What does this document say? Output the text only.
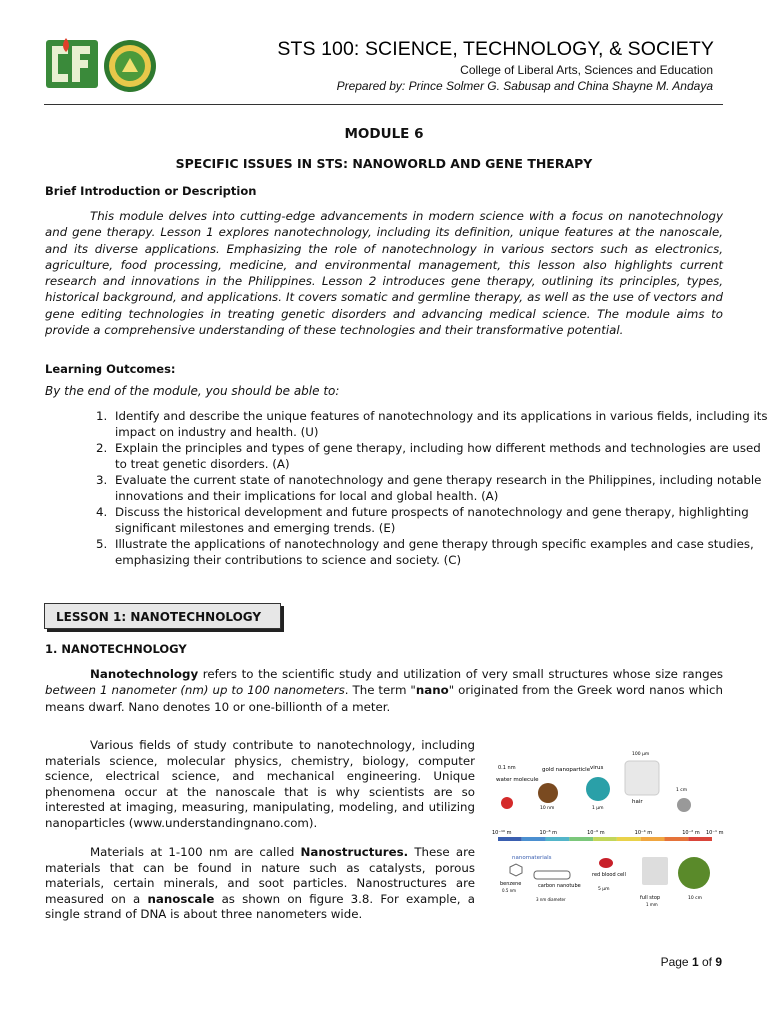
STS 100: SCIENCE, TECHNOLOGY, & SOCIETY
College of Liberal Arts, Sciences and Education
Prepared by: Prince Solmer G. Sabusap and China Shayne M. Andaya
MODULE 6
SPECIFIC ISSUES IN STS: NANOWORLD AND GENE THERAPY
Brief Introduction or Description

This module delves into cutting-edge advancements in modern science with a focus on nanotechnology and gene therapy. Lesson 1 explores nanotechnology, including its definition, unique features at the nanoscale, and its diverse applications. Emphasizing the role of nanotechnology in various sectors such as electronics, agriculture, food processing, medicine, and environmental management, this lesson also highlights current research and innovations in the Philippines. Lesson 2 introduces gene therapy, outlining its principles, types, historical background, and applications. It covers somatic and germline therapy, as well as the use of vectors and gene editing technologies in treating genetic disorders and advancing medical science. The module aims to provide a comprehensive understanding of these technologies and their transformative potential.

Learning Outcomes:

By the end of the module, you should be able to:

1. Identify and describe the unique features of nanotechnology and its applications in various fields, including its impact on industry and health. (U)
2. Explain the principles and types of gene therapy, including how different methods and technologies are used to treat genetic disorders. (A)
3. Evaluate the current state of nanotechnology and gene therapy research in the Philippines, including notable innovations and their implications for local and global health. (A)
4. Discuss the historical development and future prospects of nanotechnology and gene therapy, highlighting significant milestones and emerging trends. (E)
5. Illustrate the applications of nanotechnology and gene therapy through specific examples and case studies, emphasizing their contributions to science and society. (C)
LESSON 1: NANOTECHNOLOGY
1. NANOTECHNOLOGY

Nanotechnology refers to the scientific study and utilization of very small structures whose size ranges between 1 nanometer (nm) up to 100 nanometers. The term "nano" originated from the Greek word nanos which means dwarf. Nano denotes 10 or one-billionth of a meter.

Various fields of study contribute to nanotechnology, including materials science, molecular physics, chemistry, biology, computer science, electrical science, and mechanical engineering. Unique phenomena occur at the nanoscale that is why scientists are so interested at imaging, measuring, manipulating, modeling, and utilizing nanoparticles (www.understandingnano.com).

Materials at 1-100 nm are called Nanostructures. These are materials that can be found in nature such as catalysts, porous materials, certain minerals, and soot particles. Nanostructures are measured on a nanoscale as shown on figure 3.8. For example, a single strand of DNA is about three nanometers wide.

0.1 nm
water molecule
gold nanoparticle
10 nm
virus
1 μm
100 μm
hair
1 cm
10⁻¹⁰ m	10⁻⁸ m	10⁻⁶ m	10⁻⁴ m	10⁻² m 10⁻¹ m
nanomaterials
benzene
0.5 nm
carbon nanotube
3 nm diameter
red blood cell
5 μm
full stop
1 mm
10 cm
Page 1 of 9
